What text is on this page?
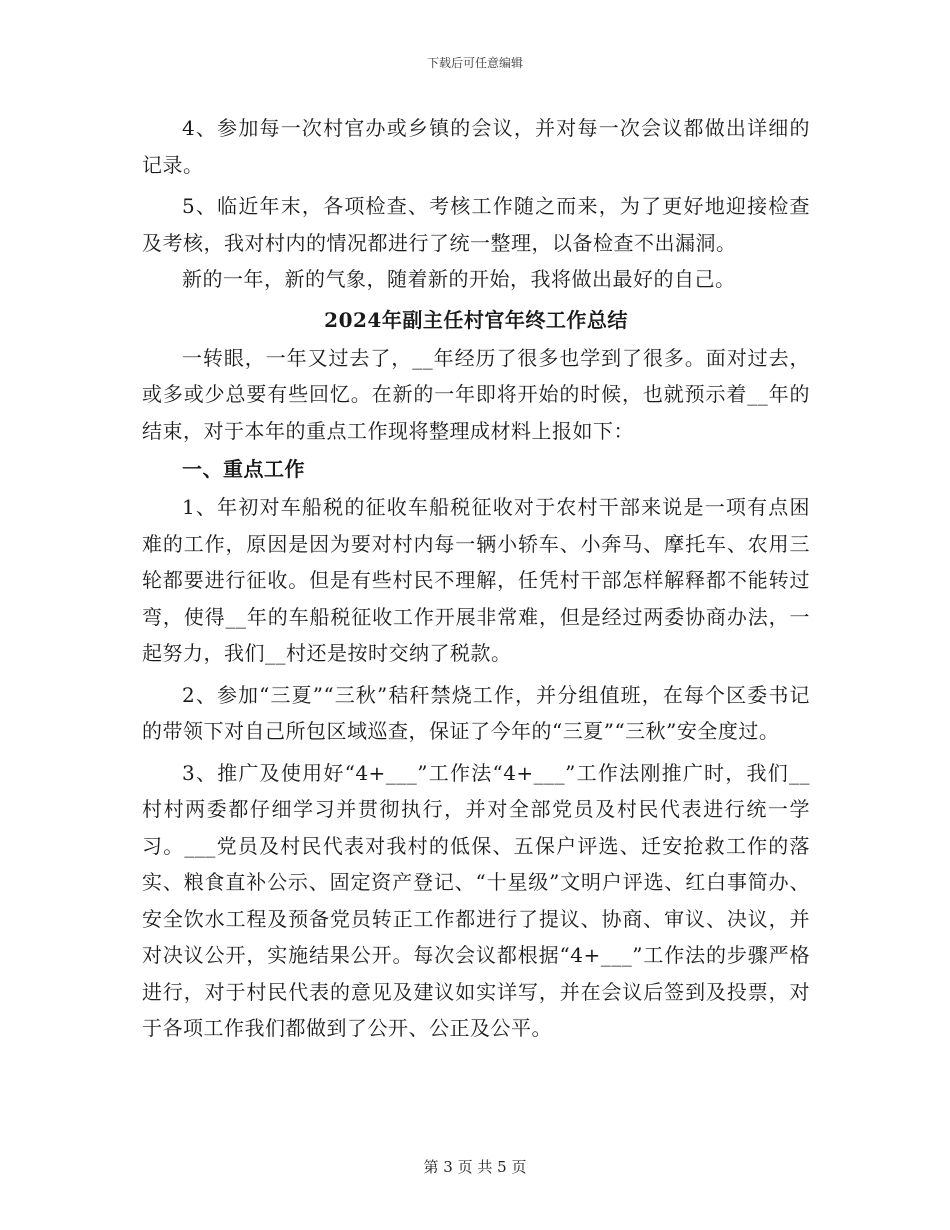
下载后可任意编辑

4、参加每一次村官办或乡镇的会议，并对每一次会议都做出详细的记录。

5、临近年末，各项检查、考核工作随之而来，为了更好地迎接检查及考核，我对村内的情况都进行了统一整理，以备检查不出漏洞。

新的一年，新的气象，随着新的开始，我将做出最好的自己。

2024年副主任村官年终工作总结

一转眼，一年又过去了，__年经历了很多也学到了很多。面对过去，或多或少总要有些回忆。在新的一年即将开始的时候，也就预示着__年的结束，对于本年的重点工作现将整理成材料上报如下：

一、重点工作

1、年初对车船税的征收车船税征收对于农村干部来说是一项有点困难的工作，原因是因为要对村内每一辆小轿车、小奔马、摩托车、农用三轮都要进行征收。但是有些村民不理解，任凭村干部怎样解释都不能转过弯，使得__年的车船税征收工作开展非常难，但是经过两委协商办法，一起努力，我们__村还是按时交纳了税款。

2、参加“三夏”“三秋”秸秆禁烧工作，并分组值班，在每个区委书记的带领下对自己所包区域巡查，保证了今年的“三夏”“三秋”安全度过。

3、推广及使用好“4+___”工作法“4+___”工作法刚推广时，我们__村村两委都仔细学习并贯彻执行，并对全部党员及村民代表进行统一学习。___党员及村民代表对我村的低保、五保户评选、迁安抢救工作的落实、粮食直补公示、固定资产登记、“十星级”文明户评选、红白事简办、安全饮水工程及预备党员转正工作都进行了提议、协商、审议、决议，并对决议公开，实施结果公开。每次会议都根据“4+___”工作法的步骤严格进行，对于村民代表的意见及建议如实详写，并在会议后签到及投票，对于各项工作我们都做到了公开、公正及公平。

第 3 页 共 5 页
